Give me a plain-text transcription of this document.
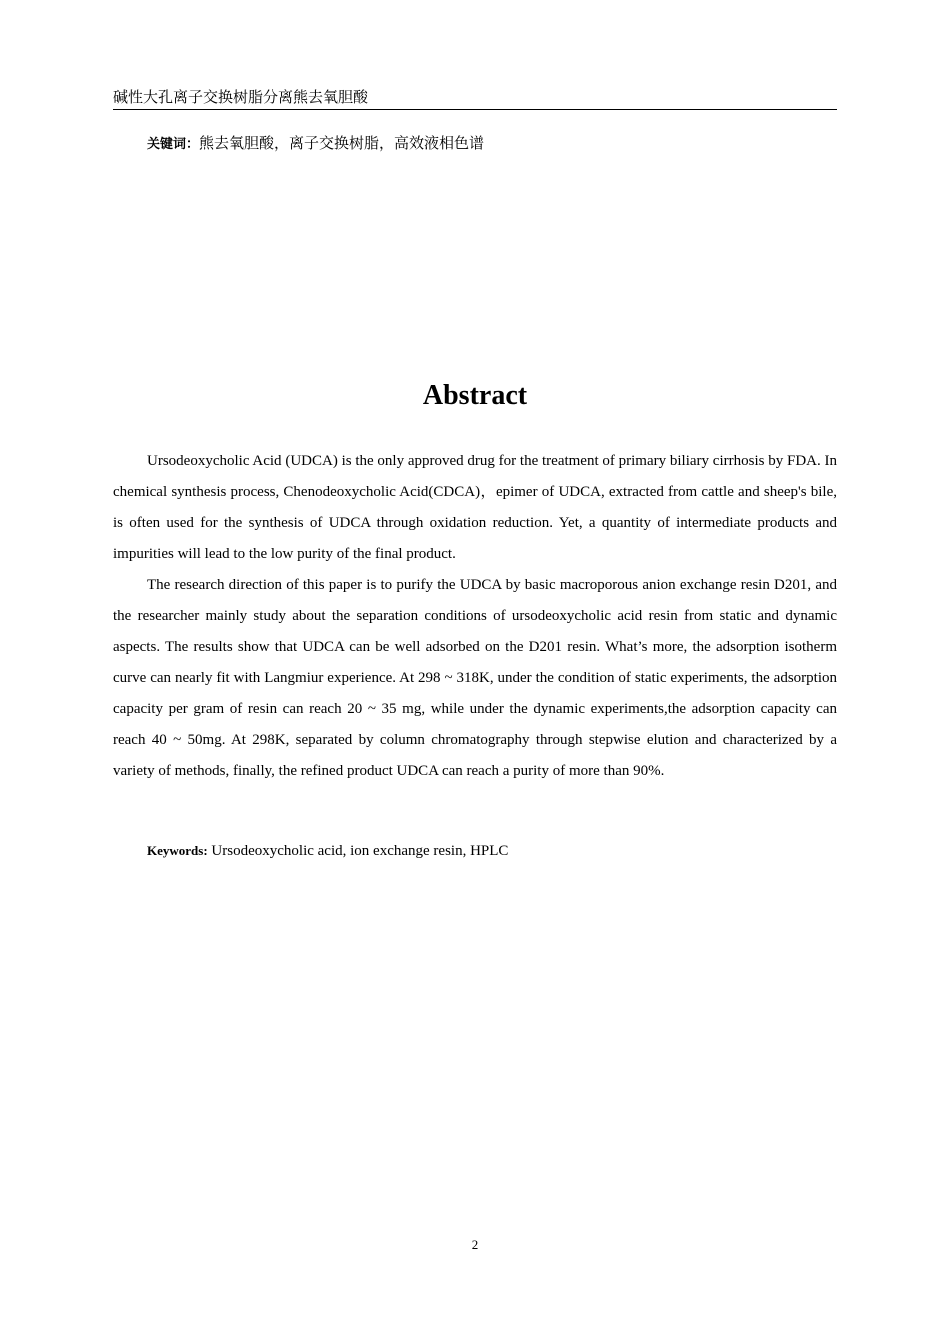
碱性大孔离子交换树脂分离熊去氧胆酸
关键词：熊去氧胆酸，离子交换树脂，高效液相色谱
Abstract

Ursodeoxycholic Acid (UDCA) is the only approved drug for the treatment of primary biliary cirrhosis by FDA. In chemical synthesis process, Chenodeoxycholic Acid(CDCA)，epimer of UDCA, extracted from cattle and sheep's bile, is often used for the synthesis of UDCA through oxidation reduction. Yet, a quantity of intermediate products and impurities will lead to the low purity of the final product.

The research direction of this paper is to purify the UDCA by basic macroporous anion exchange resin D201, and the researcher mainly study about the separation conditions of ursodeoxycholic acid resin from static and dynamic aspects. The results show that UDCA can be well adsorbed on the D201 resin. What’s more, the adsorption isotherm curve can nearly fit with Langmiur experience. At 298 ~ 318K, under the condition of static experiments, the adsorption capacity per gram of resin can reach 20 ~ 35 mg, while under the dynamic experiments,the adsorption capacity can reach 40 ~ 50mg. At 298K, separated by column chromatography through stepwise elution and characterized by a variety of methods, finally, the refined product UDCA can reach a purity of more than 90%.

Keywords: Ursodeoxycholic acid, ion exchange resin, HPLC
2
